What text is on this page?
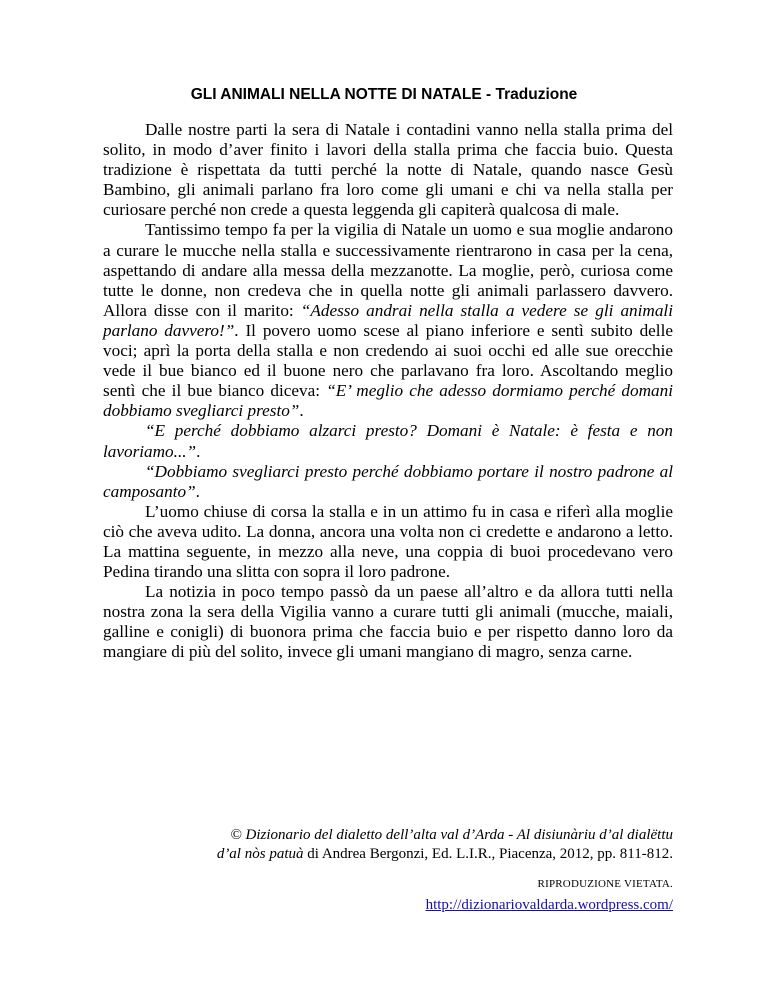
GLI ANIMALI NELLA NOTTE DI NATALE - Traduzione

Dalle nostre parti la sera di Natale i contadini vanno nella stalla prima del solito, in modo d’aver finito i lavori della stalla prima che faccia buio. Questa tradizione è rispettata da tutti perché la notte di Natale, quando nasce Gesù Bambino, gli animali parlano fra loro come gli umani e chi va nella stalla per curiosare perché non crede a questa leggenda gli capiterà qualcosa di male.

Tantissimo tempo fa per la vigilia di Natale un uomo e sua moglie andarono a curare le mucche nella stalla e successivamente rientrarono in casa per la cena, aspettando di andare alla messa della mezzanotte. La moglie, però, curiosa come tutte le donne, non credeva che in quella notte gli animali parlassero davvero. Allora disse con il marito: “Adesso andrai nella stalla a vedere se gli animali parlano davvero!”. Il povero uomo scese al piano inferiore e sentì subito delle voci; aprì la porta della stalla e non credendo ai suoi occhi ed alle sue orecchie vede il bue bianco ed il buone nero che parlavano fra loro. Ascoltando meglio sentì che il bue bianco diceva: “E’ meglio che adesso dormiamo perché domani dobbiamo svegliarci presto”.

“E perché dobbiamo alzarci presto? Domani è Natale: è festa e non lavoriamo...”.

“Dobbiamo svegliarci presto perché dobbiamo portare il nostro padrone al camposanto”.

L’uomo chiuse di corsa la stalla e in un attimo fu in casa e riferì alla moglie ciò che aveva udito. La donna, ancora una volta non ci credette e andarono a letto. La mattina seguente, in mezzo alla neve, una coppia di buoi procedevano vero Pedina tirando una slitta con sopra il loro padrone.

La notizia in poco tempo passò da un paese all’altro e da allora tutti nella nostra zona la sera della Vigilia vanno a curare tutti gli animali (mucche, maiali, galline e conigli) di buonora prima che faccia buio e per rispetto danno loro da mangiare di più del solito, invece gli umani mangiano di magro, senza carne.

© Dizionario del dialetto dell’alta val d’Arda - Al disiunàriu d’al dialëttu
d’al nòs patuà di Andrea Bergonzi, Ed. L.I.R., Piacenza, 2012, pp. 811-812.
RIPRODUZIONE VIETATA.
http://dizionariovaldarda.wordpress.com/
